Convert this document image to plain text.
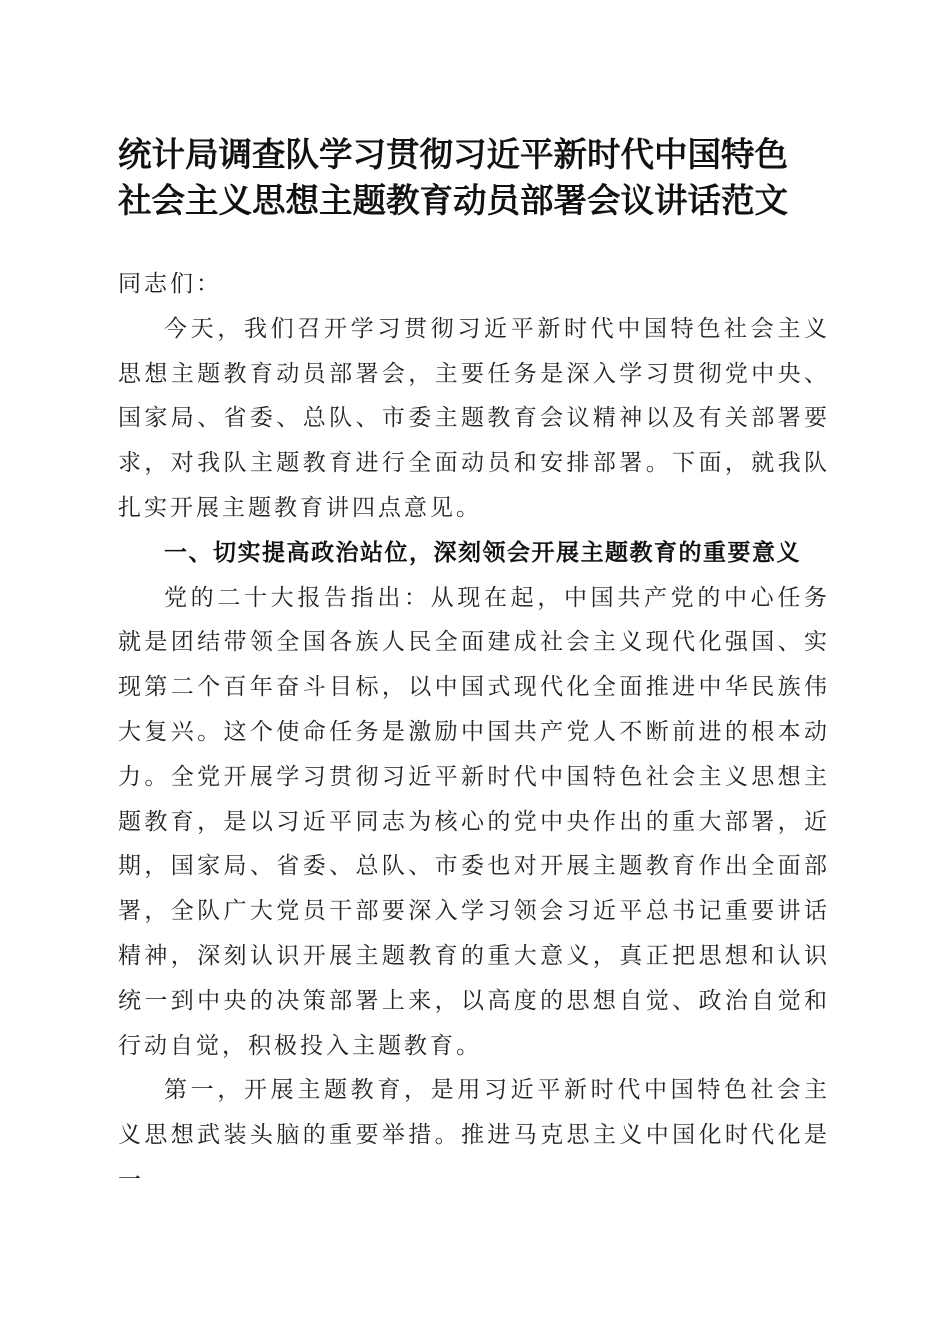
统计局调查队学习贯彻习近平新时代中国特色
社会主义思想主题教育动员部署会议讲话范文

同志们：

今天，我们召开学习贯彻习近平新时代中国特色社会主义思想主题教育动员部署会，主要任务是深入学习贯彻党中央、国家局、省委、总队、市委主题教育会议精神以及有关部署要求，对我队主题教育进行全面动员和安排部署。下面，就我队扎实开展主题教育讲四点意见。

一、切实提高政治站位，深刻领会开展主题教育的重要意义

党的二十大报告指出：从现在起，中国共产党的中心任务就是团结带领全国各族人民全面建成社会主义现代化强国、实现第二个百年奋斗目标，以中国式现代化全面推进中华民族伟大复兴。这个使命任务是激励中国共产党人不断前进的根本动力。全党开展学习贯彻习近平新时代中国特色社会主义思想主题教育，是以习近平同志为核心的党中央作出的重大部署，近期，国家局、省委、总队、市委也对开展主题教育作出全面部署，全队广大党员干部要深入学习领会习近平总书记重要讲话精神，深刻认识开展主题教育的重大意义，真正把思想和认识统一到中央的决策部署上来，以高度的思想自觉、政治自觉和行动自觉，积极投入主题教育。

第一，开展主题教育，是用习近平新时代中国特色社会主义思想武装头脑的重要举措。推进马克思主义中国化时代化是一
